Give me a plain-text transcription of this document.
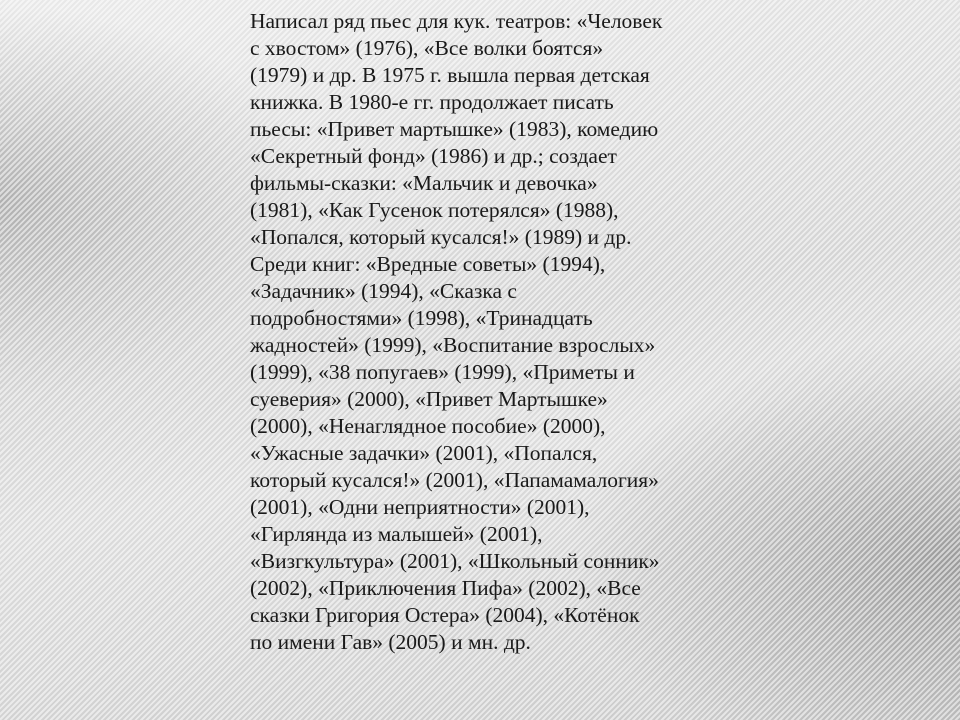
Написал ряд пьес для кук. театров: «Человек
с хвостом» (1976), «Все волки боятся»
(1979) и др. В 1975 г. вышла первая детская
книжка. В 1980-е гг. продолжает писать
пьесы: «Привет мартышке» (1983), комедию
«Секретный фонд» (1986) и др.; создает
фильмы-сказки: «Мальчик и девочка»
(1981), «Как Гусенок потерялся» (1988),
«Попался, который кусался!» (1989) и др.
Среди книг: «Вредные советы» (1994),
«Задачник» (1994), «Сказка с
подробностями» (1998), «Тринадцать
жадностей» (1999), «Воспитание взрослых»
(1999), «38 попугаев» (1999), «Приметы и
суеверия» (2000), «Привет Мартышке»
(2000), «Ненаглядное пособие» (2000),
«Ужасные задачки» (2001), «Попался,
который кусался!» (2001), «Папамамалогия»
(2001), «Одни неприятности» (2001),
«Гирлянда из малышей» (2001),
«Визгкультура» (2001), «Школьный сонник»
(2002), «Приключения Пифа» (2002), «Все
сказки Григория Остера» (2004), «Котёнок
по имени Гав» (2005) и мн. др.
